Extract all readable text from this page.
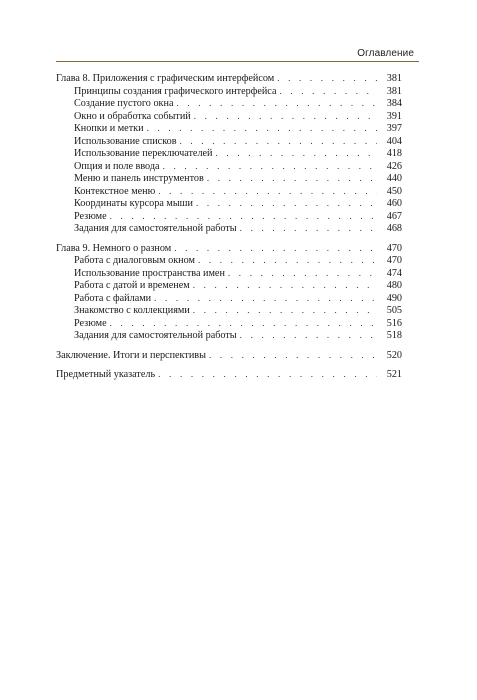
Оглавление
Глава 8. Приложения с графическим интерфейсом . . .	381
Принципы создания графического интерфейса . . .	381
Создание пустого окна . . .	384
Окно и обработка событий . . .	391
Кнопки и метки . . .	397
Использование списков . . .	404
Использование переключателей . . .	418
Опция и поле ввода . . .	426
Меню и панель инструментов . . .	440
Контекстное меню . . .	450
Координаты курсора мыши . . .	460
Резюме . . .	467
Задания для самостоятельной работы . . .	468
Глава 9. Немного о разном . . .	470
Работа с диалоговым окном . . .	470
Использование пространства имен . . .	474
Работа с датой и временем . . .	480
Работа с файлами . . .	490
Знакомство с коллекциями . . .	505
Резюме . . .	516
Задания для самостоятельной работы . . .	518
Заключение. Итоги и перспективы . . .	520
Предметный указатель . . .	521
